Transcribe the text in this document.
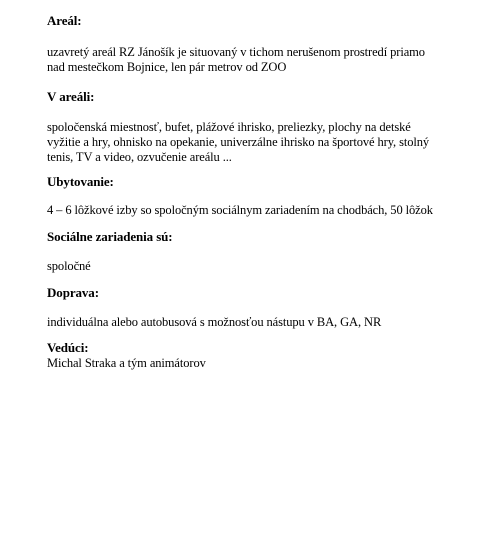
Areál:
uzavretý areál RZ Jánošík je situovaný v tichom nerušenom prostredí priamo
nad mestečkom Bojnice, len pár metrov od ZOO
V areáli:
spoločenská miestnosť, bufet, plážové ihrisko, preliezky, plochy na detské
vyžitie a hry, ohnisko na opekanie, univerzálne ihrisko na športové hry, stolný
tenis, TV a video, ozvučenie areálu ...
Ubytovanie:
4 – 6 lôžkové izby so spoločným sociálnym zariadením na chodbách, 50 lôžok
Sociálne zariadenia sú:
spoločné
Doprava:
individuálna alebo autobusová s možnosťou nástupu v BA, GA, NR
Vedúci:
Michal Straka a tým animátorov
